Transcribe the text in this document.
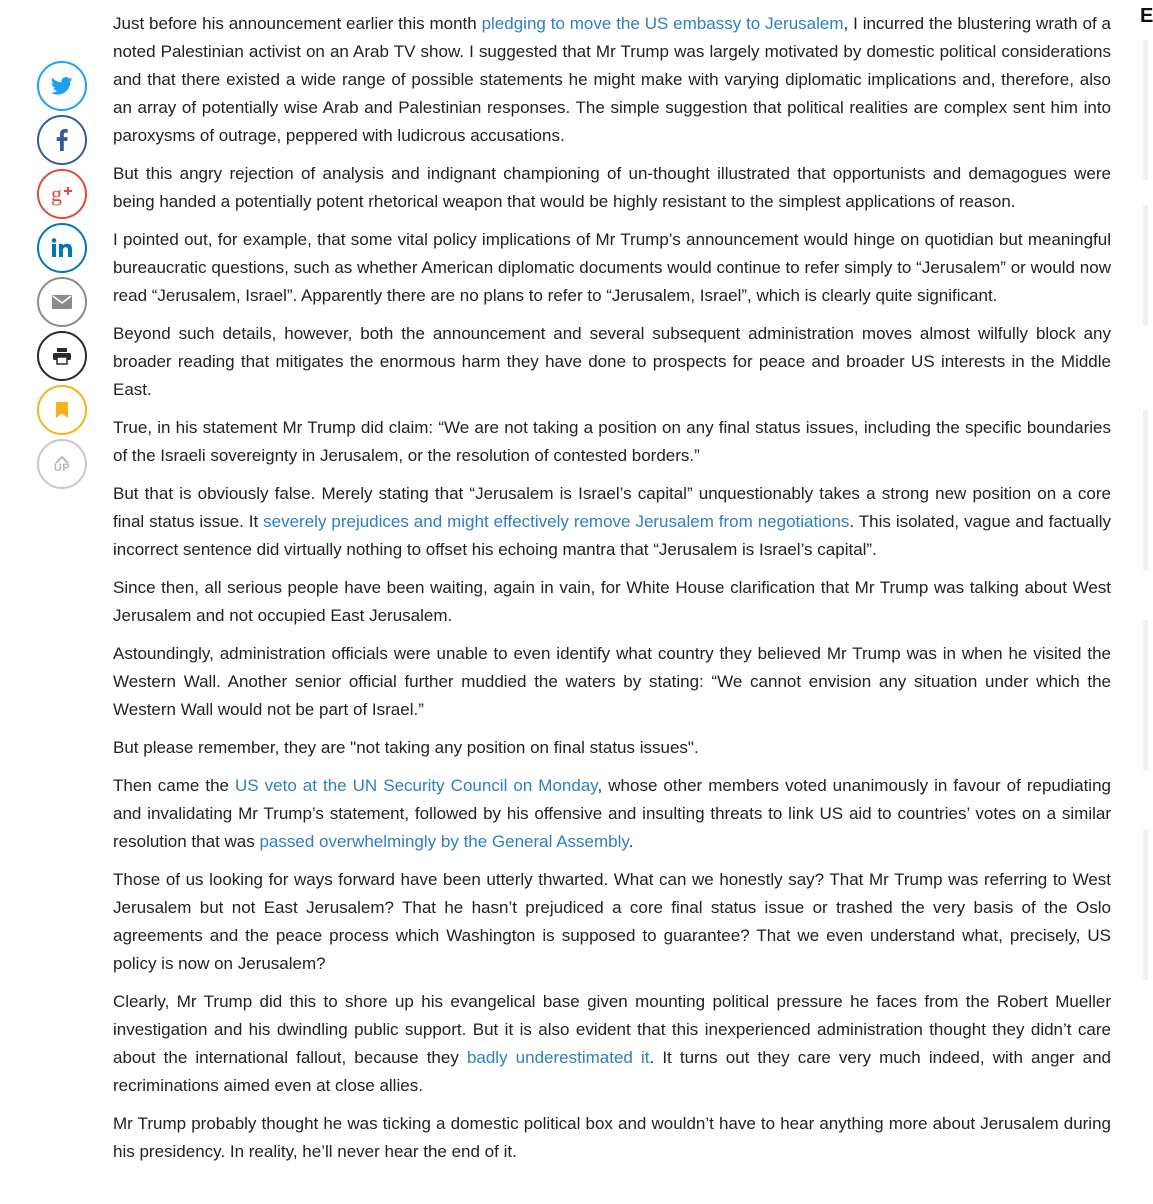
g
UP

Just before his announcement earlier this month pledging to move the US embassy to Jerusalem, I incurred the blustering wrath of a noted Palestinian activist on an Arab TV show. I suggested that Mr Trump was largely motivated by domestic political considerations and that there existed a wide range of possible statements he might make with varying diplomatic implications and, therefore, also an array of potentially wise Arab and Palestinian responses. The simple suggestion that political realities are complex sent him into paroxysms of outrage, peppered with ludicrous accusations.

But this angry rejection of analysis and indignant championing of un-thought illustrated that opportunists and demagogues were being handed a potentially potent rhetorical weapon that would be highly resistant to the simplest applications of reason.

I pointed out, for example, that some vital policy implications of Mr Trump’s announcement would hinge on quotidian but meaningful bureaucratic questions, such as whether American diplomatic documents would continue to refer simply to “Jerusalem” or would now read “Jerusalem, Israel”. Apparently there are no plans to refer to “Jerusalem, Israel”, which is clearly quite significant.

Beyond such details, however, both the announcement and several subsequent administration moves almost wilfully block any broader reading that mitigates the enormous harm they have done to prospects for peace and broader US interests in the Middle East.

True, in his statement Mr Trump did claim: “We are not taking a position on any final status issues, including the specific boundaries of the Israeli sovereignty in Jerusalem, or the resolution of contested borders.”

But that is obviously false. Merely stating that “Jerusalem is Israel’s capital” unquestionably takes a strong new position on a core final status issue. It severely prejudices and might effectively remove Jerusalem from negotiations. This isolated, vague and factually incorrect sentence did virtually nothing to offset his echoing mantra that “Jerusalem is Israel’s capital”.

Since then, all serious people have been waiting, again in vain, for White House clarification that Mr Trump was talking about West Jerusalem and not occupied East Jerusalem.

Astoundingly, administration officials were unable to even identify what country they believed Mr Trump was in when he visited the Western Wall. Another senior official further muddied the waters by stating: “We cannot envision any situation under which the Western Wall would not be part of Israel.”

But please remember, they are "not taking any position on final status issues".

Then came the US veto at the UN Security Council on Monday, whose other members voted unanimously in favour of repudiating and invalidating Mr Trump’s statement, followed by his offensive and insulting threats to link US aid to countries’ votes on a similar resolution that was passed overwhelmingly by the General Assembly.

Those of us looking for ways forward have been utterly thwarted. What can we honestly say? That Mr Trump was referring to West Jerusalem but not East Jerusalem? That he hasn’t prejudiced a core final status issue or trashed the very basis of the Oslo agreements and the peace process which Washington is supposed to guarantee? That we even understand what, precisely, US policy is now on Jerusalem?

Clearly, Mr Trump did this to shore up his evangelical base given mounting political pressure he faces from the Robert Mueller investigation and his dwindling public support. But it is also evident that this inexperienced administration thought they didn’t care about the international fallout, because they badly underestimated it. It turns out they care very much indeed, with anger and recriminations aimed even at close allies.

Mr Trump probably thought he was ticking a domestic political box and wouldn’t have to hear anything more about Jerusalem during his presidency. In reality, he’ll never hear the end of it.

E
